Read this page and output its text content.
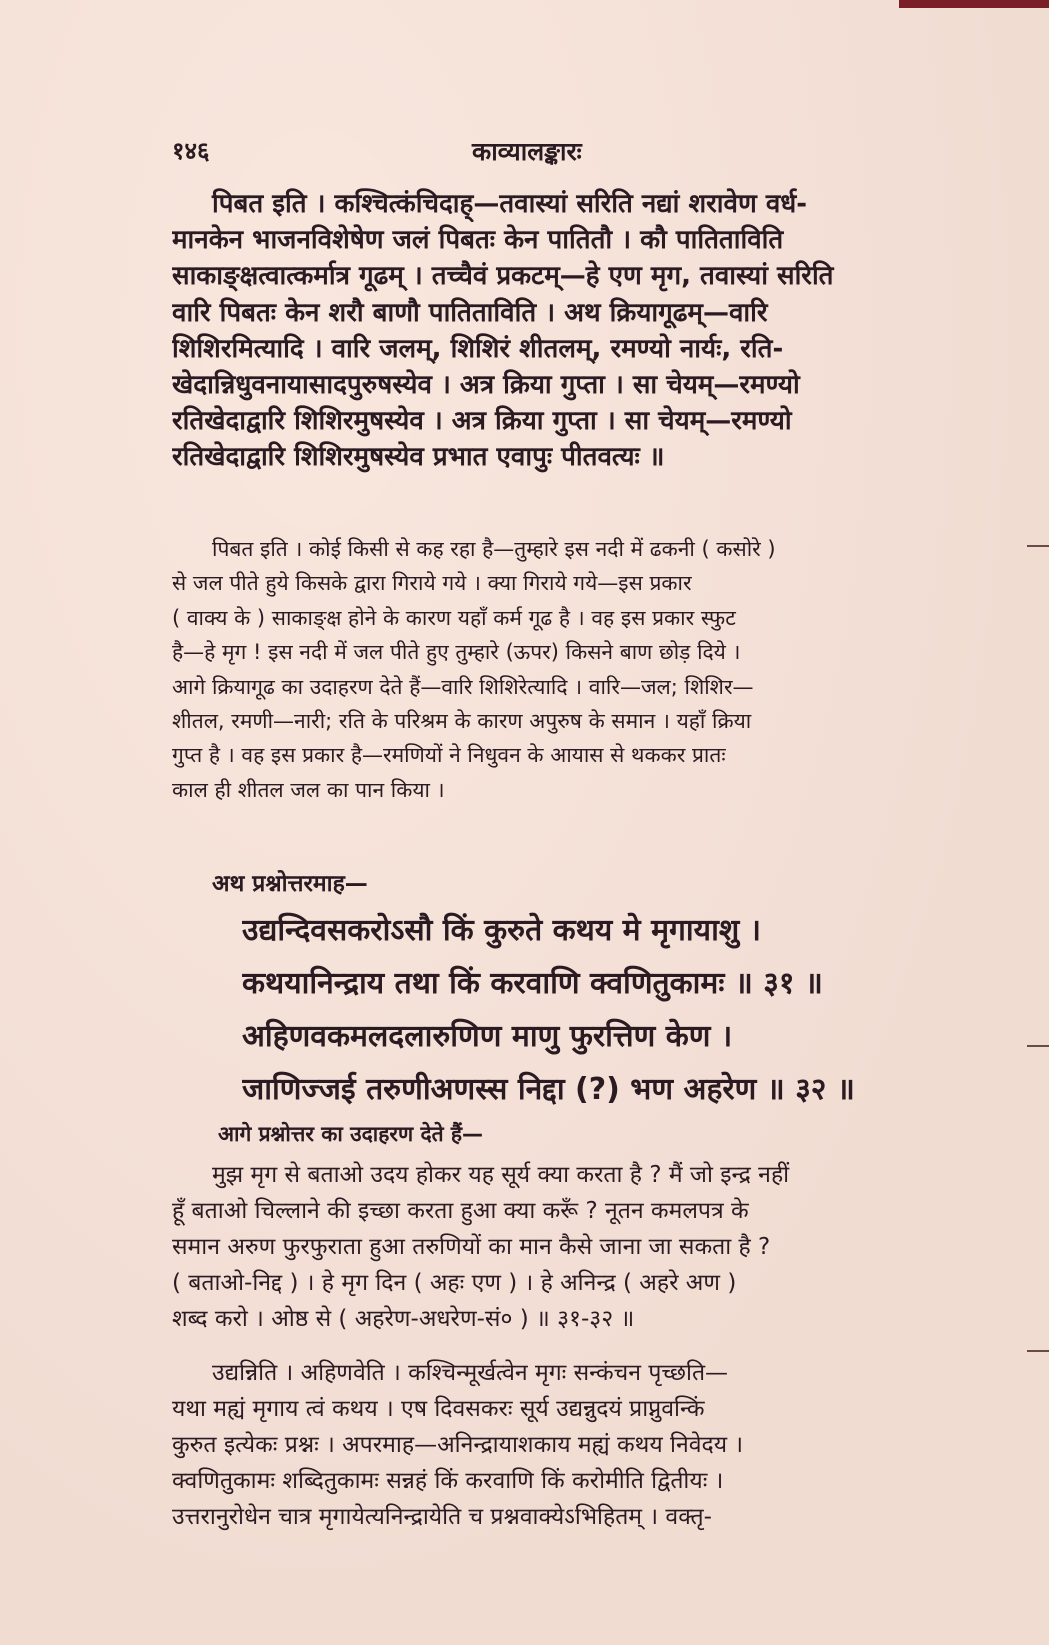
१४६	काव्यालङ्कारः
पिबत इति । कश्चित्कंचिदाह्—तवास्यां सरिति नद्यां शरावेण वर्ध-
मानकेन भाजनविशेषेण जलं पिबतः केन पातितौ । कौ पातिताविति
साकाङ्क्षत्वात्कर्मात्र गूढम् । तच्चैवं प्रकटम्—हे एण मृग, तवास्यां सरिति
वारि पिबतः केन शरौ बाणौ पातिताविति । अथ क्रियागूढम्—वारि
शिशिरमित्यादि । वारि जलम्, शिशिरं शीतलम्, रमण्यो नार्यः, रति-
खेदान्निधुवनायासादपुरुषस्येव । अत्र क्रिया गुप्ता । सा चेयम्—रमण्यो
रतिखेदाद्वारि शिशिरमुषस्येव । अत्र क्रिया गुप्ता । सा चेयम्—रमण्यो
रतिखेदाद्वारि शिशिरमुषस्येव प्रभात एवापुः पीतवत्यः ॥
पिबत इति । कोई किसी से कह रहा है—तुम्हारे इस नदी में ढकनी ( कसोरे )
से जल पीते हुये किसके द्वारा गिराये गये । क्या गिराये गये—इस प्रकार
( वाक्य के ) साकाङ्क्ष होने के कारण यहाँ कर्म गूढ है । वह इस प्रकार स्फुट
है—हे मृग ! इस नदी में जल पीते हुए तुम्हारे (ऊपर) किसने बाण छोड़ दिये ।
आगे क्रियागूढ का उदाहरण देते हैं—वारि शिशिरेत्यादि । वारि—जल; शिशिर—
शीतल, रमणी—नारी; रति के परिश्रम के कारण अपुरुष के समान । यहाँ क्रिया
गुप्त है । वह इस प्रकार है—रमणियों ने निधुवन के आयास से थककर प्रातः
काल ही शीतल जल का पान किया ।
अथ प्रश्नोत्तरमाह—
उद्यन्दिवसकरोऽसौ किं कुरुते कथय मे मृगायाशु ।
कथयानिन्द्राय तथा किं करवाणि क्वणितुकामः ॥ ३१ ॥
अहिणवकमलदलारुणिण माणु फुरत्तिण केण ।
जाणिज्जई तरुणीअणस्स निद्दा (?) भण अहरेण ॥ ३२ ॥
आगे प्रश्नोत्तर का उदाहरण देते हैं—
मुझ मृग से बताओ उदय होकर यह सूर्य क्या करता है ? मैं जो इन्द्र नहीं
हूँ बताओ चिल्लाने की इच्छा करता हुआ क्या करूँ ? नूतन कमलपत्र के
समान अरुण फुरफुराता हुआ तरुणियों का मान कैसे जाना जा सकता है ?
( बताओ-निद्द ) । हे मृग दिन ( अहः एण ) । हे अनिन्द्र ( अहरे अण )
शब्द करो । ओष्ठ से ( अहरेण-अधरेण-सं० ) ॥ ३१-३२ ॥
उद्यन्निति । अहिणवेति । कश्चिन्मूर्खत्वेन मृगः सन्कंचन पृच्छति—
यथा मह्यं मृगाय त्वं कथय । एष दिवसकरः सूर्य उद्यन्नुदयं प्राप्नुवन्किं
कुरुत इत्येकः प्रश्नः । अपरमाह—अनिन्द्रायाशकाय मह्यं कथय निवेदय ।
क्वणितुकामः शब्दितुकामः सन्नहं किं करवाणि किं करोमीति द्वितीयः ।
उत्तरानुरोधेन चात्र मृगायेत्यनिन्द्रायेति च प्रश्नवाक्येऽभिहितम् । वक्तृ-
